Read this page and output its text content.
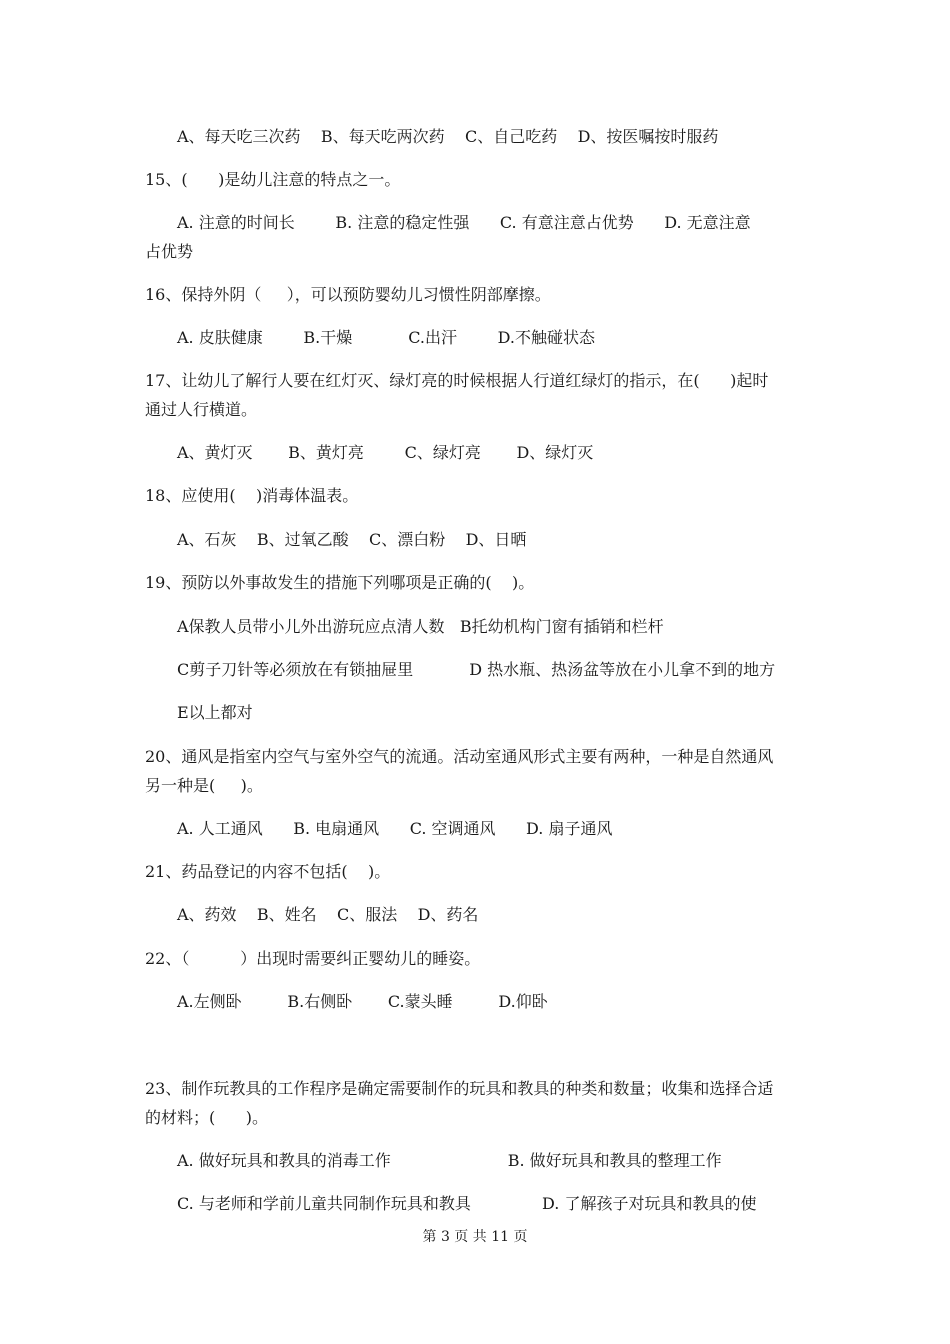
A、每天吃三次药    B、每天吃两次药    C、自己吃药    D、按医嘱按时服药
15、(      )是幼儿注意的特点之一。
A. 注意的时间长        B. 注意的稳定性强      C. 有意注意占优势      D. 无意注意
占优势
16、保持外阴（     ），可以预防婴幼儿习惯性阴部摩擦。
A. 皮肤健康        B.干燥           C.出汗        D.不触碰状态
17、让幼儿了解行人要在红灯灭、绿灯亮的时候根据人行道红绿灯的指示，在(      )起时
通过人行横道。
A、黄灯灭       B、黄灯亮        C、绿灯亮       D、绿灯灭
18、应使用(    )消毒体温表。
A、石灰    B、过氧乙酸    C、漂白粉    D、日晒
19、预防以外事故发生的措施下列哪项是正确的(    )。
A保教人员带小儿外出游玩应点清人数   B托幼机构门窗有插销和栏杆
C剪子刀针等必须放在有锁抽屉里           D 热水瓶、热汤盆等放在小儿拿不到的地方
E以上都对
20、通风是指室内空气与室外空气的流通。活动室通风形式主要有两种，一种是自然通风
另一种是(     )。
A. 人工通风      B. 电扇通风      C. 空调通风      D. 扇子通风
21、药品登记的内容不包括(    )。
A、药效    B、姓名    C、服法    D、药名
22、（          ）出现时需要纠正婴幼儿的睡姿。
A.左侧卧         B.右侧卧       C.蒙头睡         D.仰卧
23、制作玩教具的工作程序是确定需要制作的玩具和教具的种类和数量；收集和选择合适
的材料；(      )。
A. 做好玩具和教具的消毒工作                       B. 做好玩具和教具的整理工作
C. 与老师和学前儿童共同制作玩具和教具              D. 了解孩子对玩具和教具的使
第 3 页 共 11 页
